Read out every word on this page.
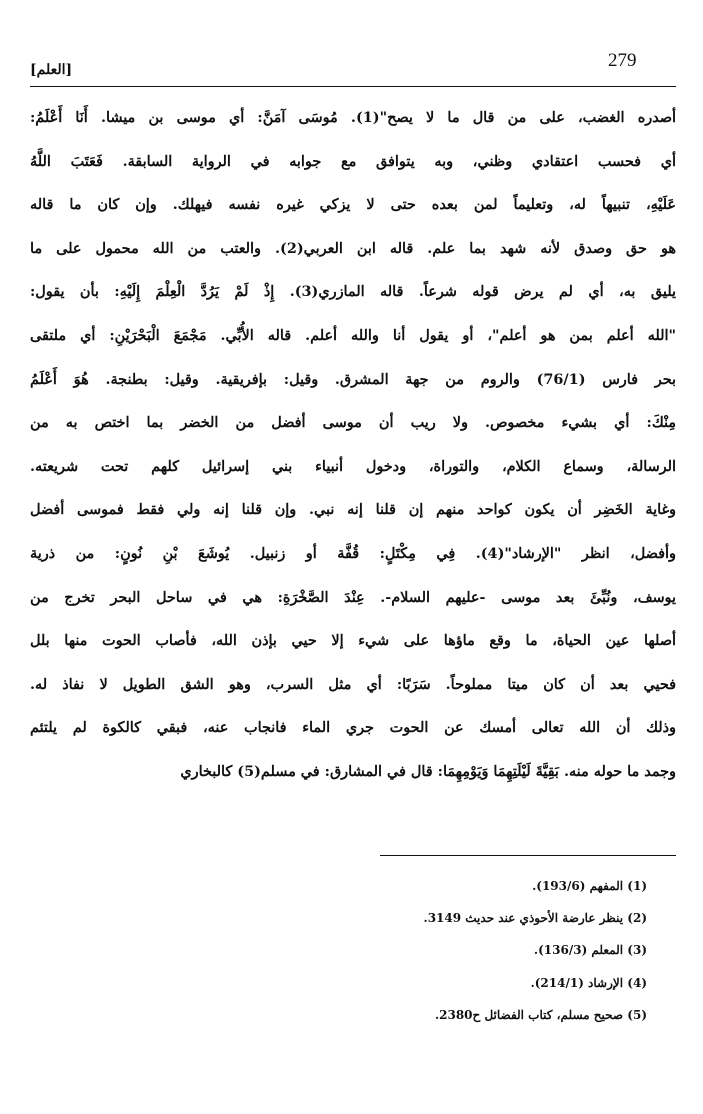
279
[العلم]
أصدره الغضب، على من قال ما لا يصح"(1). مُوسَى آمَنَّ: أي موسى بن ميشا. أَنَا أَعْلَمُ:
أي فحسب اعتقادي وظني، وبه يتوافق مع جوابه في الرواية السابقة. فَعَتَبَ اللَّهُ
عَلَيْهِ، تنبيهاً له، وتعليماً لمن بعده حتى لا يزكي غيره نفسه فيهلك. وإن كان ما قاله
هو حق وصدق لأنه شهد بما علم. قاله ابن العربي(2). والعتب من الله محمول على ما
يليق به، أي لم يرض قوله شرعاً. قاله المازري(3). إِذْ لَمْ يَرُدَّ الْعِلْمَ إِلَيْهِ: بأن يقول:
"الله أعلم بمن هو أعلم"، أو يقول أنا والله أعلم. قاله الأُبِّي. مَجْمَعَ الْبَحْرَيْنِ: أي ملتقى
بحر فارس (76/1) والروم من جهة المشرق. وقيل: بإفريقية. وقيل: بطنجة. هُوَ أَعْلَمُ
مِنْكَ: أي بشيء مخصوص. ولا ريب أن موسى أفضل من الخضر بما اختص به من
الرسالة، وسماع الكلام، والتوراة، ودخول أنبياء بني إسرائيل كلهم تحت شريعته.
وغاية الخَضِر أن يكون كواحد منهم إن قلنا إنه نبي. وإن قلنا إنه ولي فقط فموسى أفضل
وأفضل، انظر "الإرشاد"(4). فِي مِكْتَلٍ: قُفَّة أو زنبيل. يُوشَعَ بْنِ نُونٍ: من ذرية
يوسف، ونُبِّئَ بعد موسى -عليهم السلام-. عِنْدَ الصَّخْرَةِ: هي في ساحل البحر تخرج من
أصلها عين الحياة، ما وقع ماؤها على شيء إلا حيي بإذن الله، فأصاب الحوت منها بلل
فحيي بعد أن كان ميتا مملوحاً. سَرَبًا: أي مثل السرب، وهو الشق الطويل لا نفاذ له.
وذلك أن الله تعالى أمسك عن الحوت جري الماء فانجاب عنه، فبقي كالكوة لم يلتئم
وجمد ما حوله منه. بَقِيَّةَ لَيْلَتِهِمَا وَيَوْمِهِمَا: قال في المشارق: في مسلم(5) كالبخاري
(1) المفهم (193/6).
(2) ينظر عارضة الأحوذي عند حديث 3149.
(3) المعلم (136/3).
(4) الإرشاد (214/1).
(5) صحيح مسلم، كتاب الفضائل ح2380.
